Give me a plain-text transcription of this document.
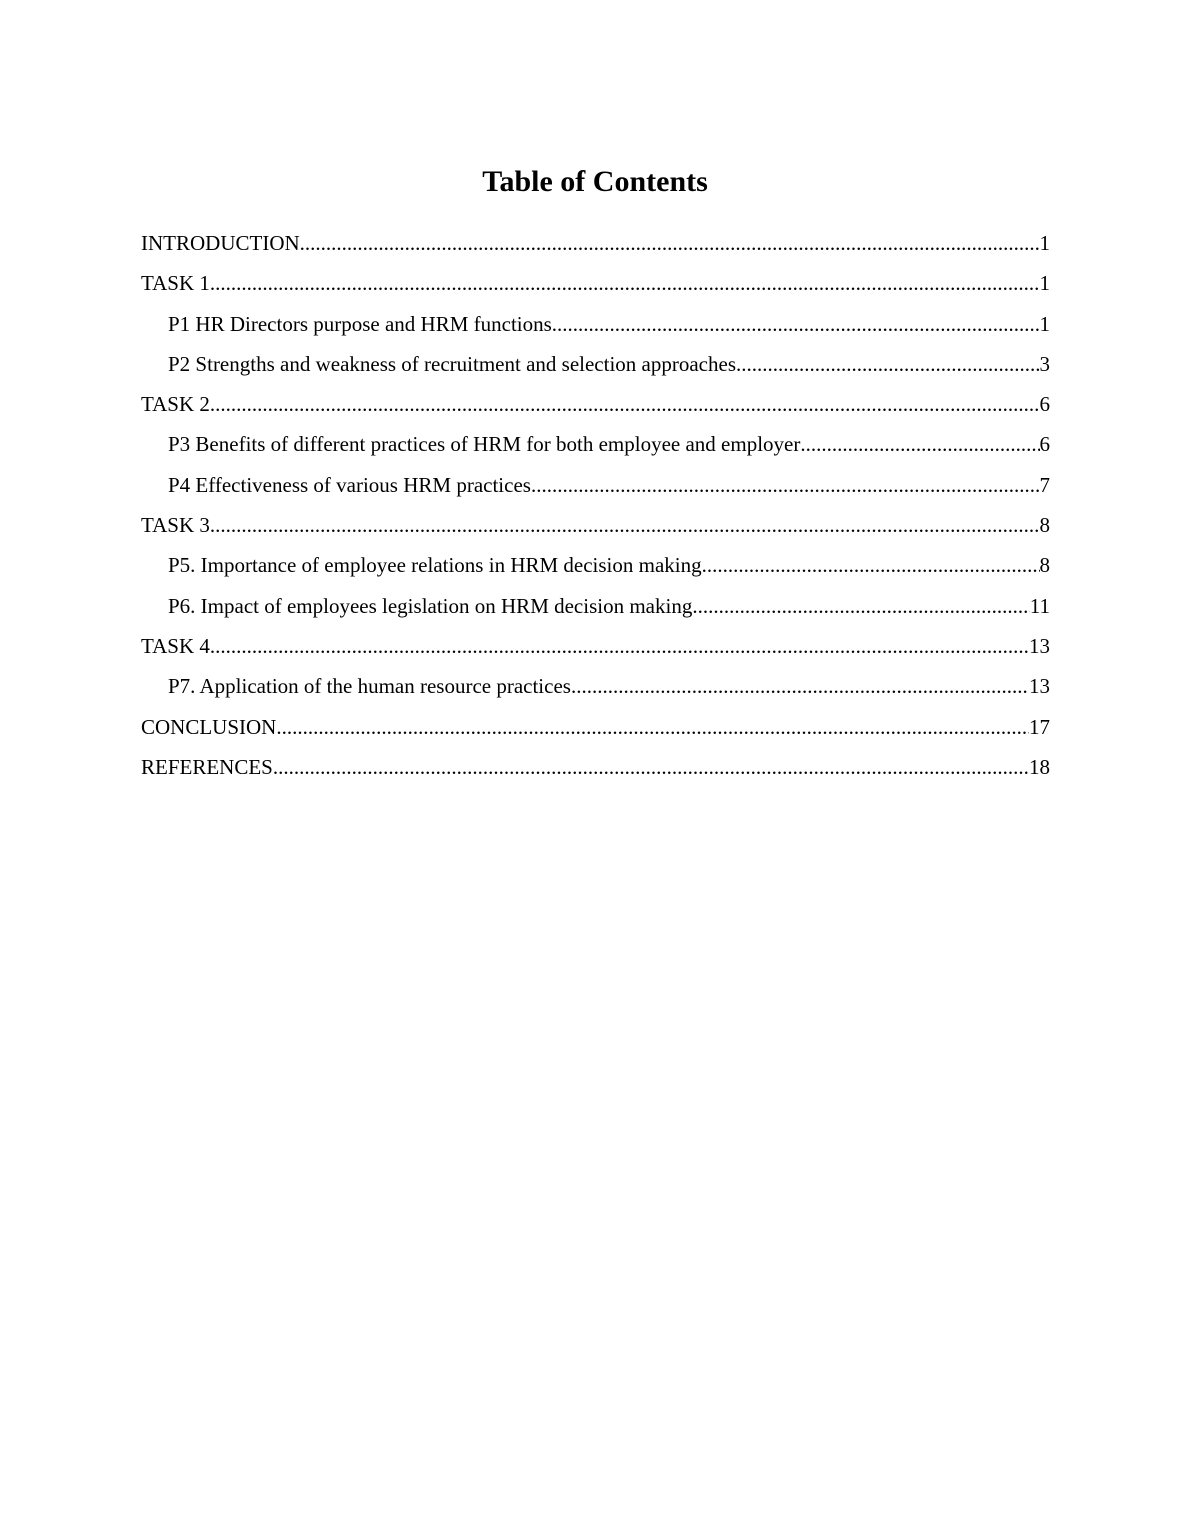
Table of Contents
INTRODUCTION .....	1
TASK 1 .....	1
P1 HR Directors purpose and HRM functions .....	1
P2 Strengths and weakness of recruitment and selection approaches .....	3
TASK 2 .....	6
P3 Benefits of different practices of HRM for both employee and employer .....	6
P4 Effectiveness of various HRM practices .....	7
TASK 3 .....	8
P5. Importance of employee relations in HRM decision making .....	8
P6. Impact of employees legislation on HRM decision making .....	11
TASK 4 .....	13
P7. Application of the human resource practices .....	13
CONCLUSION .....	17
REFERENCES .....	18
